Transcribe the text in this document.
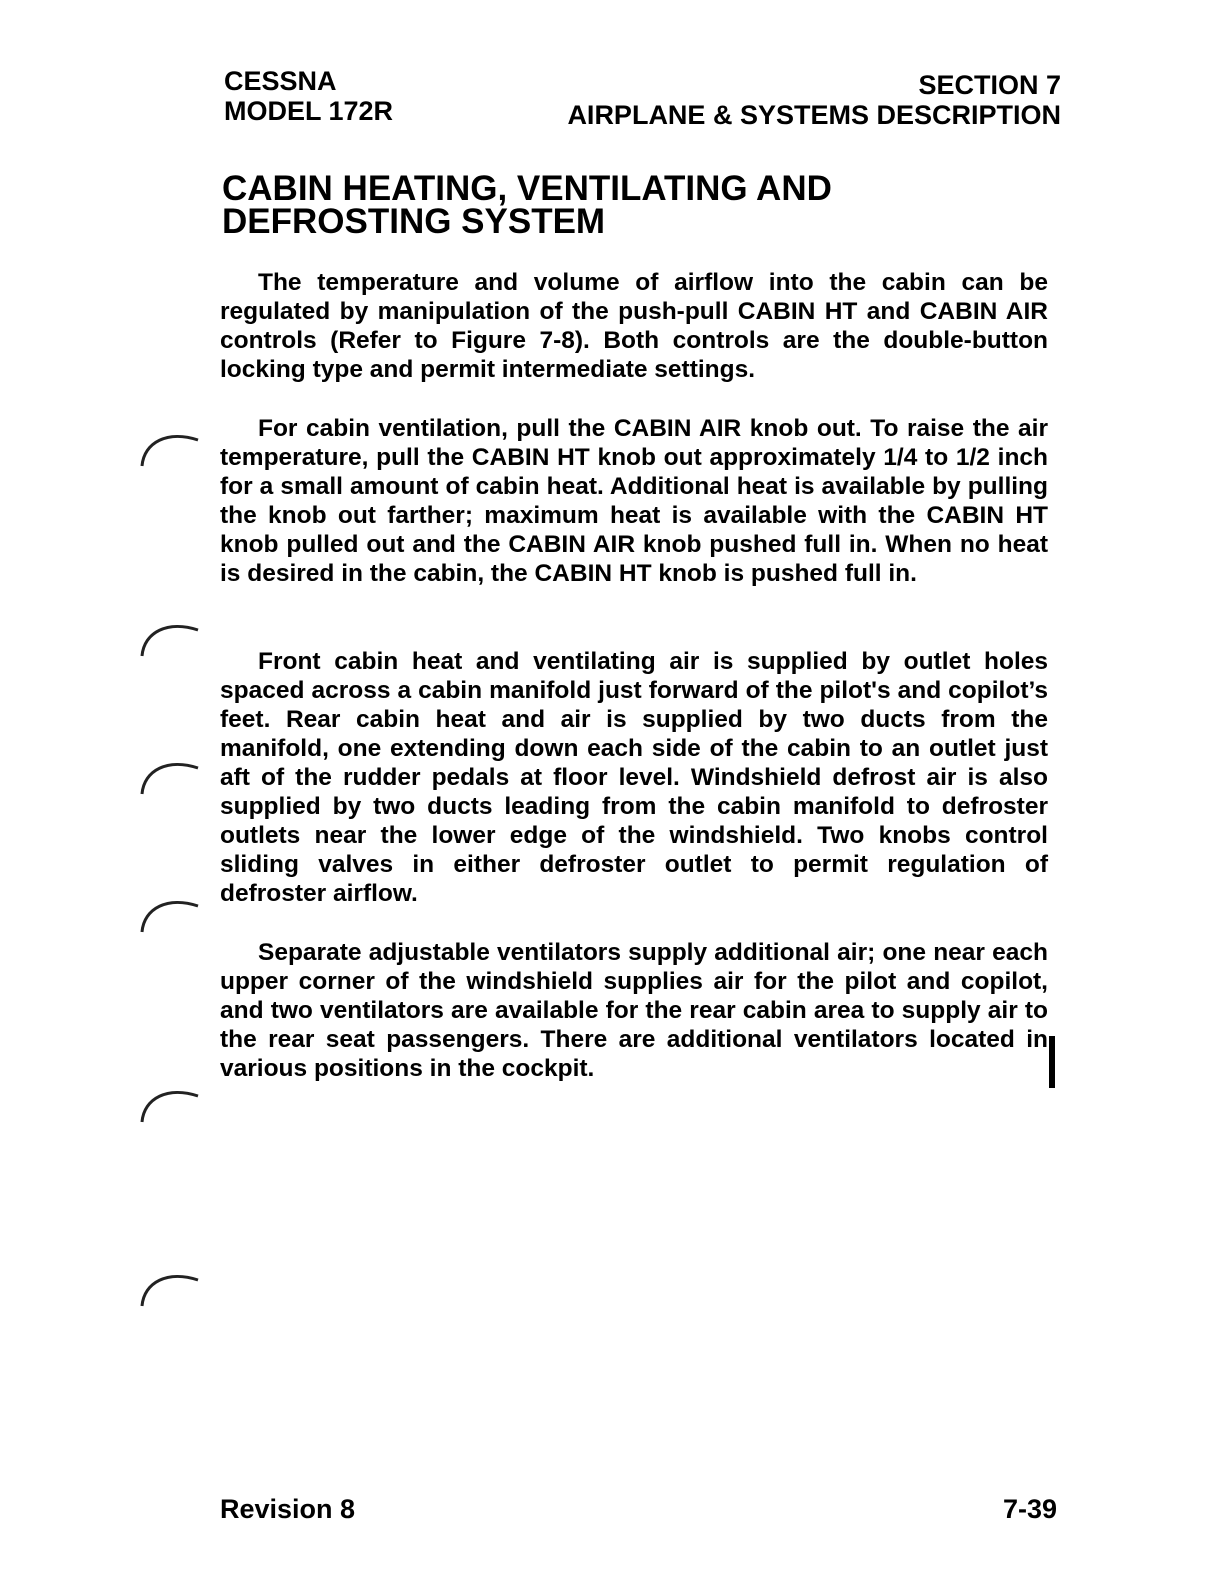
CESSNA
MODEL 172R
SECTION 7
AIRPLANE & SYSTEMS DESCRIPTION
CABIN HEATING, VENTILATING AND
DEFROSTING SYSTEM

The temperature and volume of airflow into the cabin can be regulated by manipulation of the push-pull CABIN HT and CABIN AIR controls (Refer to Figure 7-8). Both controls are the double-button locking type and permit intermediate settings.

For cabin ventilation, pull the CABIN AIR knob out. To raise the air temperature, pull the CABIN HT knob out approximately 1/4 to 1/2 inch for a small amount of cabin heat. Additional heat is available by pulling the knob out farther; maximum heat is available with the CABIN HT knob pulled out and the CABIN AIR knob pushed full in. When no heat is desired in the cabin, the CABIN HT knob is pushed full in.

Front cabin heat and ventilating air is supplied by outlet holes spaced across a cabin manifold just forward of the pilot's and copilot’s feet. Rear cabin heat and air is supplied by two ducts from the manifold, one extending down each side of the cabin to an outlet just aft of the rudder pedals at floor level. Windshield defrost air is also supplied by two ducts leading from the cabin manifold to defroster outlets near the lower edge of the windshield. Two knobs control sliding valves in either defroster outlet to permit regulation of defroster airflow.

Separate adjustable ventilators supply additional air; one near each upper corner of the windshield supplies air for the pilot and copilot, and two ventilators are available for the rear cabin area to supply air to the rear seat passengers. There are additional ventilators located in various positions in the cockpit.

Revision 8	7-39
